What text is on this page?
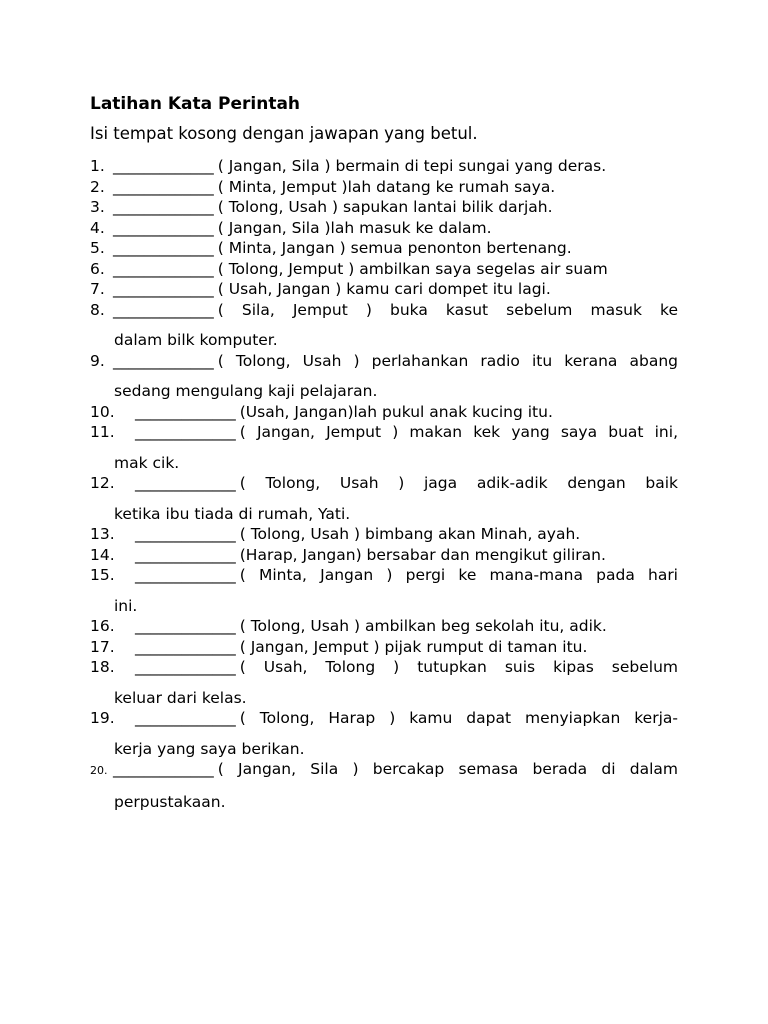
Latihan Kata Perintah
Isi tempat kosong dengan jawapan yang betul.
1. _____________ ( Jangan, Sila ) bermain di tepi sungai yang deras.
2. _____________ ( Minta, Jemput )lah datang ke rumah saya.
3. _____________ ( Tolong, Usah ) sapukan lantai bilik darjah.
4. _____________ ( Jangan, Sila )lah masuk ke dalam.
5. _____________ ( Minta, Jangan ) semua penonton bertenang.
6. _____________ ( Tolong, Jemput ) ambilkan saya segelas air suam
7. _____________ ( Usah, Jangan ) kamu cari dompet itu lagi.
8. _____________ ( Sila, Jemput ) buka kasut sebelum masuk ke
dalam bilk komputer.
9. _____________ ( Tolong, Usah ) perlahankan radio itu kerana abang
sedang mengulang kaji pelajaran.
10.	_____________ (Usah, Jangan)lah pukul anak kucing itu.
11.	_____________ ( Jangan, Jemput ) makan kek yang saya buat ini,
mak cik.
12.	_____________ ( Tolong, Usah ) jaga adik-adik dengan baik
ketika ibu tiada di rumah, Yati.
13.	_____________ ( Tolong, Usah ) bimbang akan Minah, ayah.
14.	_____________ (Harap, Jangan) bersabar dan mengikut giliran.
15.	_____________ ( Minta, Jangan ) pergi ke mana-mana pada hari
ini.
16.	_____________ ( Tolong, Usah ) ambilkan beg sekolah itu, adik.
17.	_____________ ( Jangan, Jemput ) pijak rumput di taman itu.
18.	_____________ ( Usah, Tolong ) tutupkan suis kipas sebelum
keluar dari kelas.
19.	_____________ ( Tolong, Harap ) kamu dapat menyiapkan kerja-
kerja yang saya berikan.
20. _____________ ( Jangan, Sila ) bercakap semasa berada di dalam
perpustakaan.
